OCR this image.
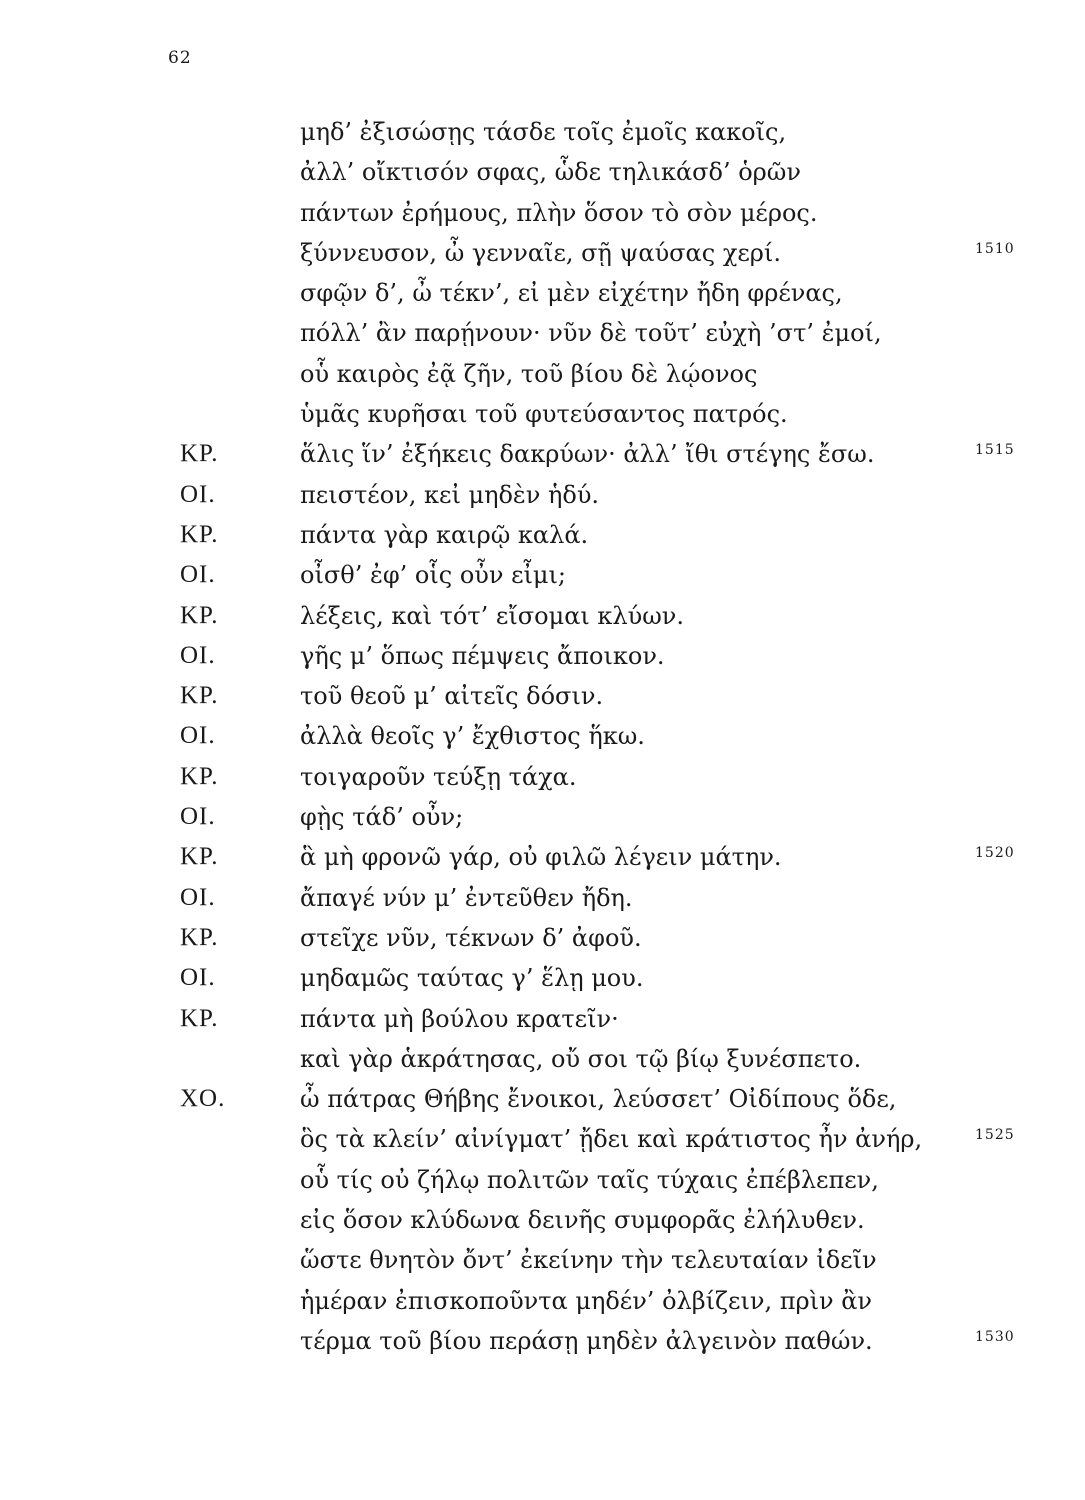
62
μηδ’ ἐξισώσῃς τάσδε τοῖς ἐμοῖς κακοῖς,
ἀλλ’ οἴκτισόν σφας, ὧδε τηλικάσδ’ ὁρῶν
πάντων ἐρήμους, πλὴν ὅσον τὸ σὸν μέρος.
ξύννευσον, ὦ γενναῖε, σῇ ψαύσας χερί.	1510
σφῷν δ’, ὦ τέκν’, εἰ μὲν εἰχέτην ἤδη φρένας,
πόλλ’ ἂν παρῄνουν· νῦν δὲ τοῦτ’ εὐχὴ ’στ’ ἐμοί,
οὗ καιρὸς ἐᾷ ζῆν, τοῦ βίου δὲ λῴονος
ὑμᾶς κυρῆσαι τοῦ φυτεύσαντος πατρός.
ΚΡ.	ἅλις ἵν’ ἐξήκεις δακρύων· ἀλλ’ ἴθι στέγης ἔσω.	1515
ΟΙ.	πειστέον, κεἰ μηδὲν ἡδύ.
ΚΡ.	πάντα γὰρ καιρῷ καλά.
ΟΙ.	οἶσθ’ ἐφ’ οἷς οὖν εἶμι;
ΚΡ.	λέξεις, καὶ τότ’ εἴσομαι κλύων.
ΟΙ.	γῆς μ’ ὅπως πέμψεις ἄποικον.
ΚΡ.	τοῦ θεοῦ μ’ αἰτεῖς δόσιν.
ΟΙ.	ἀλλὰ θεοῖς γ’ ἔχθιστος ἥκω.
ΚΡ.	τοιγαροῦν τεύξῃ τάχα.
ΟΙ.	φῂς τάδ’ οὖν;
ΚΡ.	ἃ μὴ φρονῶ γάρ, οὐ φιλῶ λέγειν μάτην.	1520
ΟΙ.	ἄπαγέ νύν μ’ ἐντεῦθεν ἤδη.
ΚΡ.	στεῖχε νῦν, τέκνων δ’ ἀφοῦ.
ΟΙ.	μηδαμῶς ταύτας γ’ ἕλῃ μου.
ΚΡ.	πάντα μὴ βούλου κρατεῖν·
καὶ γὰρ ἁκράτησας, οὔ σοι τῷ βίῳ ξυνέσπετο.
ΧΟ.	ὦ πάτρας Θήβης ἔνοικοι, λεύσσετ’ Οἰδίπους ὅδε,
ὃς τὰ κλείν’ αἰνίγματ’ ᾔδει καὶ κράτιστος ἦν ἀνήρ,	1525
οὗ τίς οὐ ζήλῳ πολιτῶν ταῖς τύχαις ἐπέβλεπεν,
εἰς ὅσον κλύδωνα δεινῆς συμφορᾶς ἐλήλυθεν.
ὥστε θνητὸν ὄντ’ ἐκείνην τὴν τελευταίαν ἰδεῖν
ἡμέραν ἐπισκοποῦντα μηδέν’ ὀλβίζειν, πρὶν ἂν
τέρμα τοῦ βίου περάσῃ μηδὲν ἀλγεινὸν παθών.	1530
